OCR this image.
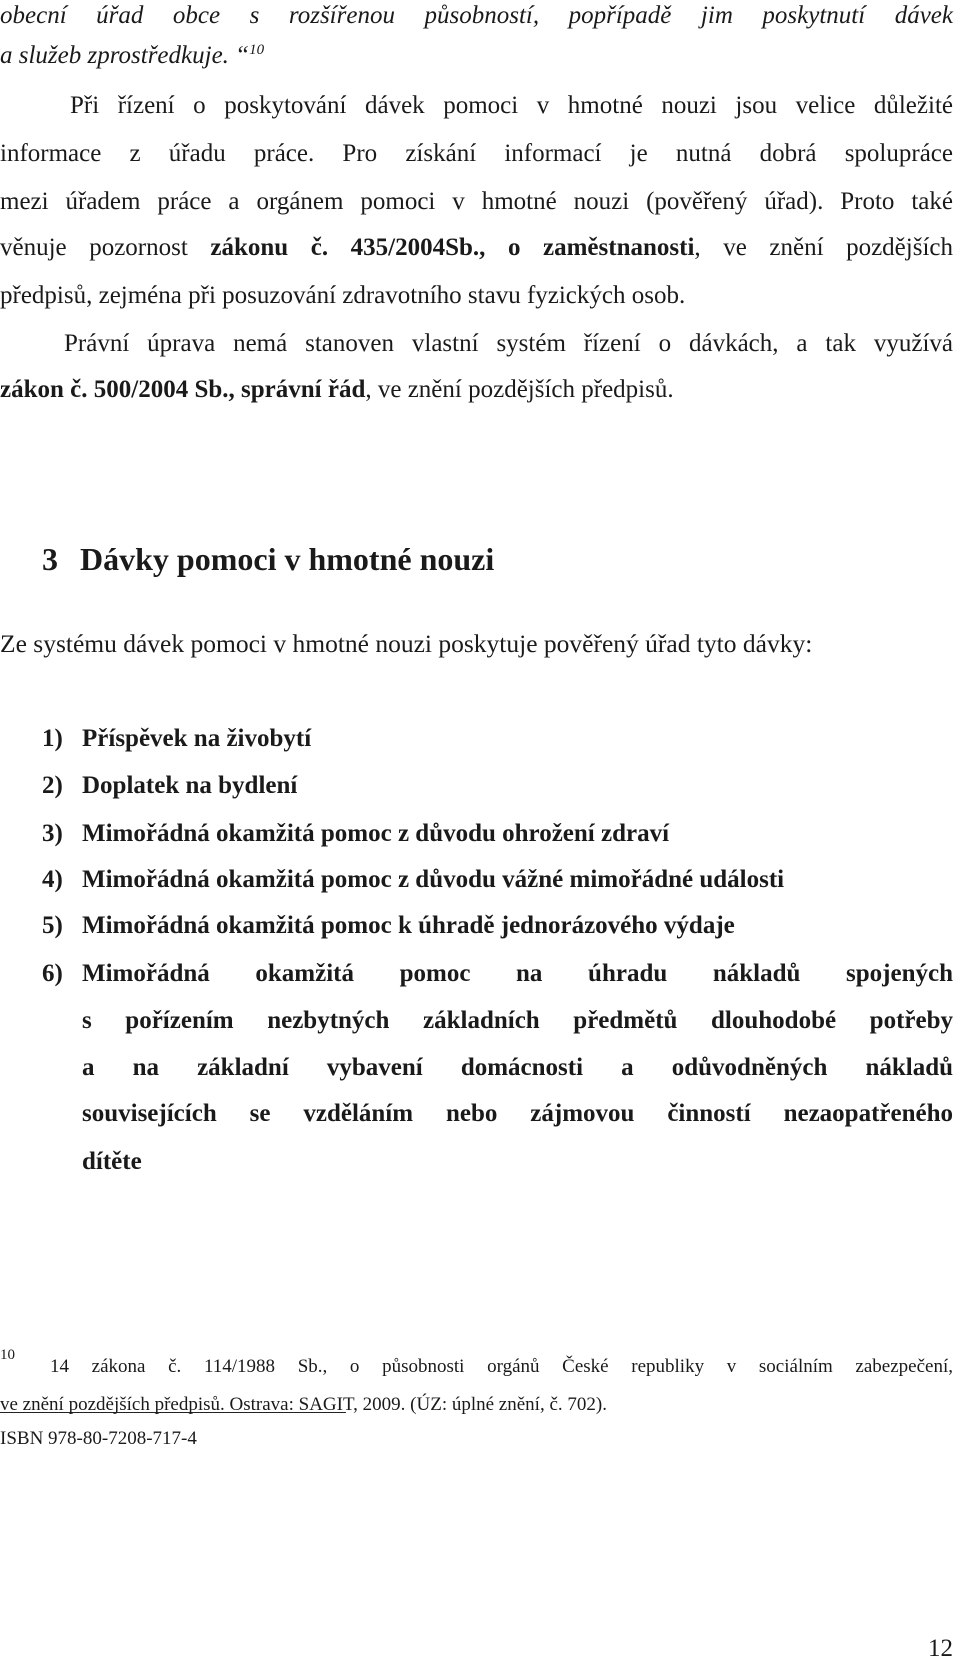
obecní úřad obce s rozšířenou působností, popřípadě jim poskytnutí dávek
a služeb zprostředkuje. “$^{10}$
Při řízení o poskytování dávek pomoci v hmotné nouzi jsou velice důležité
informace z úřadu práce. Pro získání informací je nutná dobrá spolupráce
mezi úřadem práce a orgánem pomoci v hmotné nouzi (pověřený úřad). Proto také
věnuje pozornost zákonu č. 435/2004Sb., o zaměstnanosti, ve znění pozdějších
předpisů, zejména při posuzování zdravotního stavu fyzických osob.
Právní úprava nemá stanoven vlastní systém řízení o dávkách, a tak využívá
zákon č. 500/2004 Sb., správní řád, ve znění pozdějších předpisů.
3 Dávky pomoci v hmotné nouzi
Ze systému dávek pomoci v hmotné nouzi poskytuje pověřený úřad tyto dávky:
1) Příspěvek na živobytí
2) Doplatek na bydlení
3) Mimořádná okamžitá pomoc z důvodu ohrožení zdraví
4) Mimořádná okamžitá pomoc z důvodu vážné mimořádné události
5) Mimořádná okamžitá pomoc k úhradě jednorázového výdaje
6) Mimořádná okamžitá pomoc na úhradu nákladů spojených
s pořízením nezbytných základních předmětů dlouhodobé potřeby
a na základní vybavení domácnosti a odůvodněných nákladů
souvisejících se vzděláním nebo zájmovou činností nezaopatřeného
dítěte
10
14 zákona č. 114/1988 Sb., o působnosti orgánů České republiky v sociálním zabezpečení,
ve znění pozdějších předpisů. Ostrava: SAGIT, 2009. (ÚZ: úplné znění, č. 702).
ISBN 978-80-7208-717-4
12
